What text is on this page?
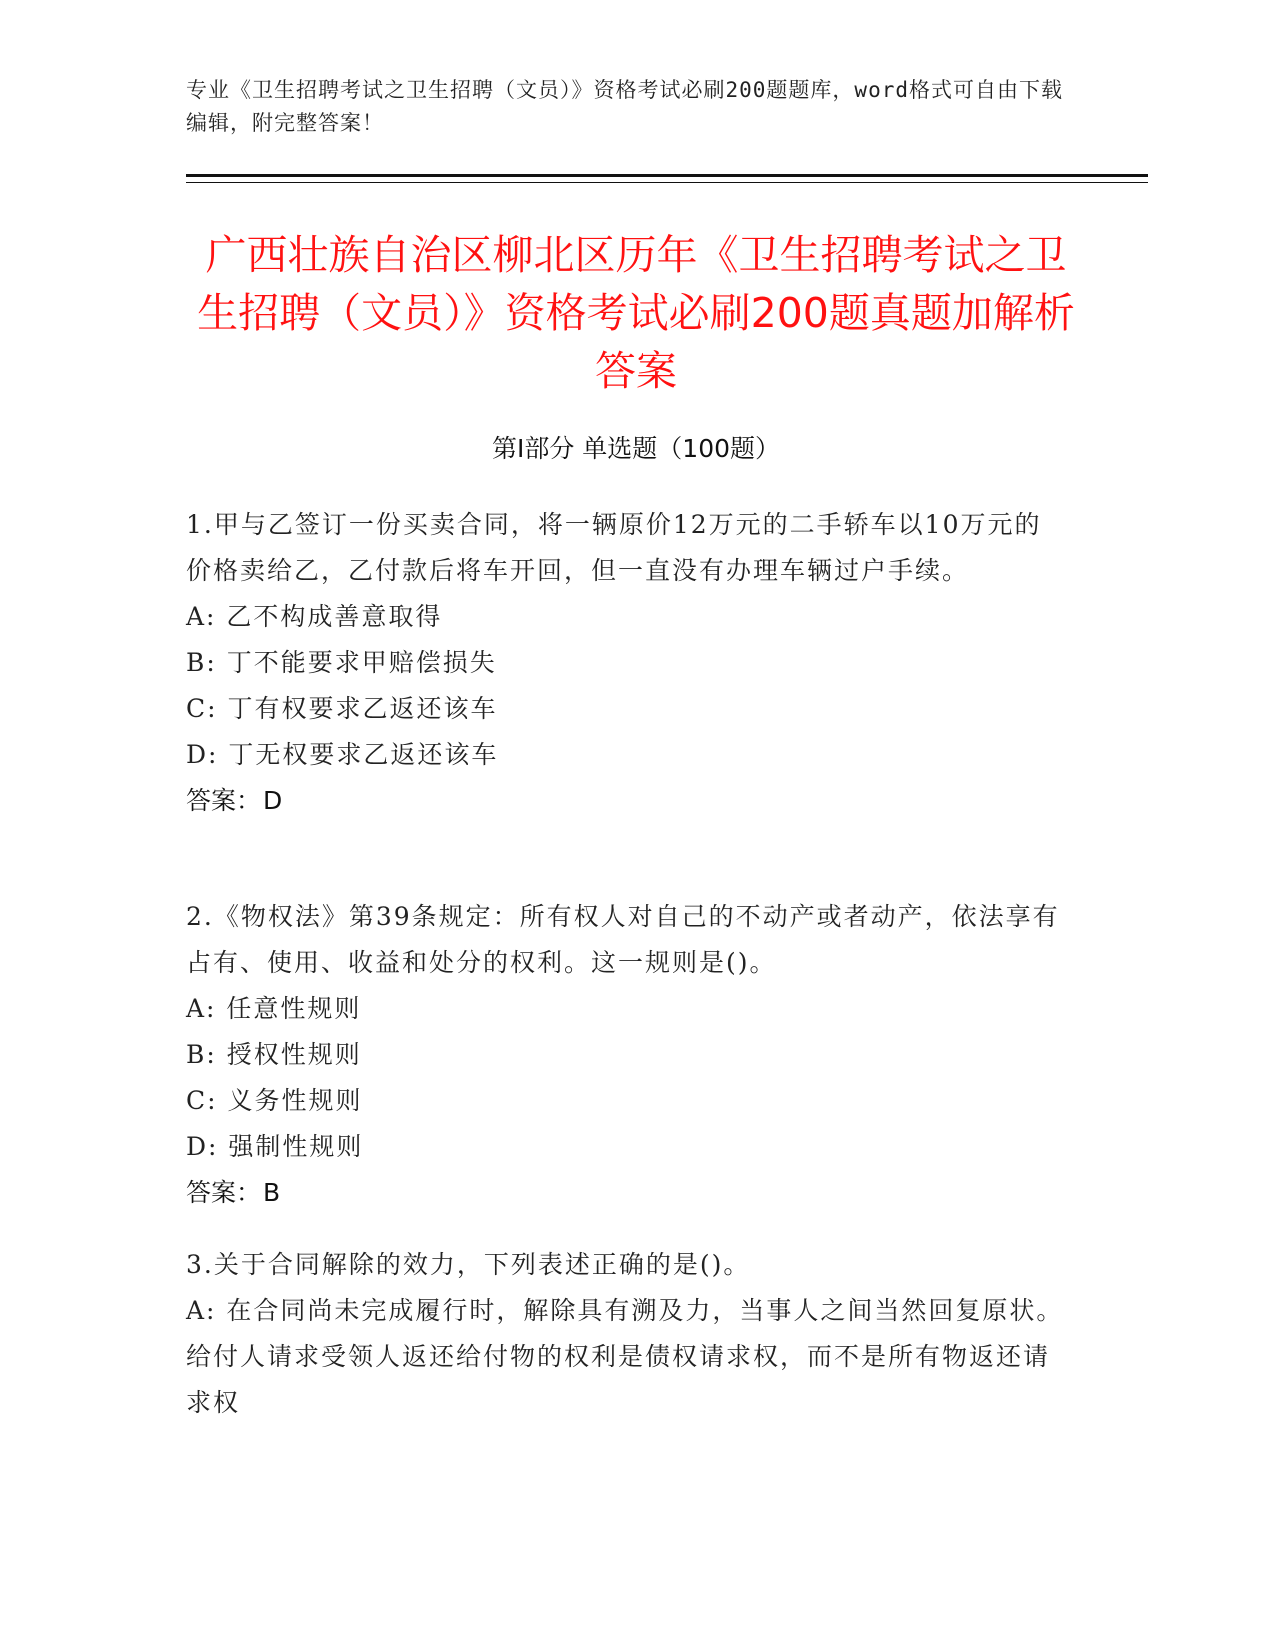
专业《卫生招聘考试之卫生招聘（文员）》资格考试必刷200题题库，word格式可自由下载编辑，附完整答案！

广西壮族自治区柳北区历年《卫生招聘考试之卫生招聘（文员）》资格考试必刷200题真题加解析答案
第Ⅰ部分 单选题（100题）

1.甲与乙签订一份买卖合同，将一辆原价12万元的二手轿车以10万元的价格卖给乙，乙付款后将车开回，但一直没有办理车辆过户手续。

A: 乙不构成善意取得

B: 丁不能要求甲赔偿损失

C: 丁有权要求乙返还该车

D: 丁无权要求乙返还该车

答案：D

2.《物权法》第39条规定：所有权人对自己的不动产或者动产，依法享有占有、使用、收益和处分的权利。这一规则是()。

A: 任意性规则

B: 授权性规则

C: 义务性规则

D: 强制性规则

答案：B

3.关于合同解除的效力，下列表述正确的是()。

A: 在合同尚未完成履行时，解除具有溯及力，当事人之间当然回复原状。给付人请求受领人返还给付物的权利是债权请求权，而不是所有物返还请求权
